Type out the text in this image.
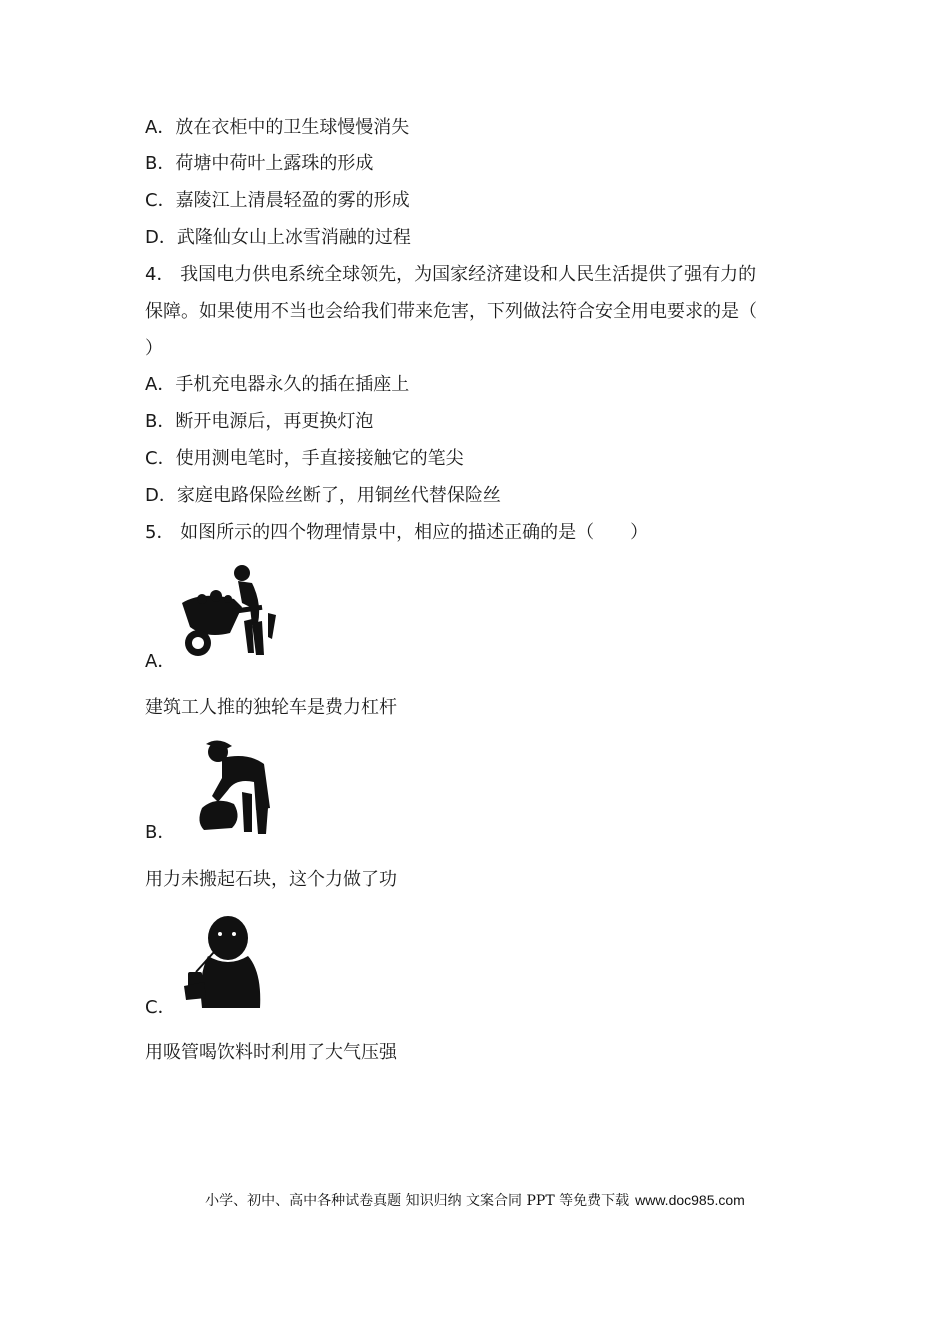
A．放在衣柜中的卫生球慢慢消失
B．荷塘中荷叶上露珠的形成
C．嘉陵江上清晨轻盈的雾的形成
D．武隆仙女山上冰雪消融的过程
4． 我国电力供电系统全球领先，为国家经济建设和人民生活提供了强有力的
保障。如果使用不当也会给我们带来危害，下列做法符合安全用电要求的是（
）
A．手机充电器永久的插在插座上
B．断开电源后，再更换灯泡
C．使用测电笔时，手直接接触它的笔尖
D．家庭电路保险丝断了，用铜丝代替保险丝
5． 如图所示的四个物理情景中，相应的描述正确的是（　　）
A．
建筑工人推的独轮车是费力杠杆
B．
用力未搬起石块，这个力做了功
C．
用吸管喝饮料时利用了大气压强
小学、初中、高中各种试卷真题 知识归纳 文案合同 PPT 等免费下载 www.doc985.com
